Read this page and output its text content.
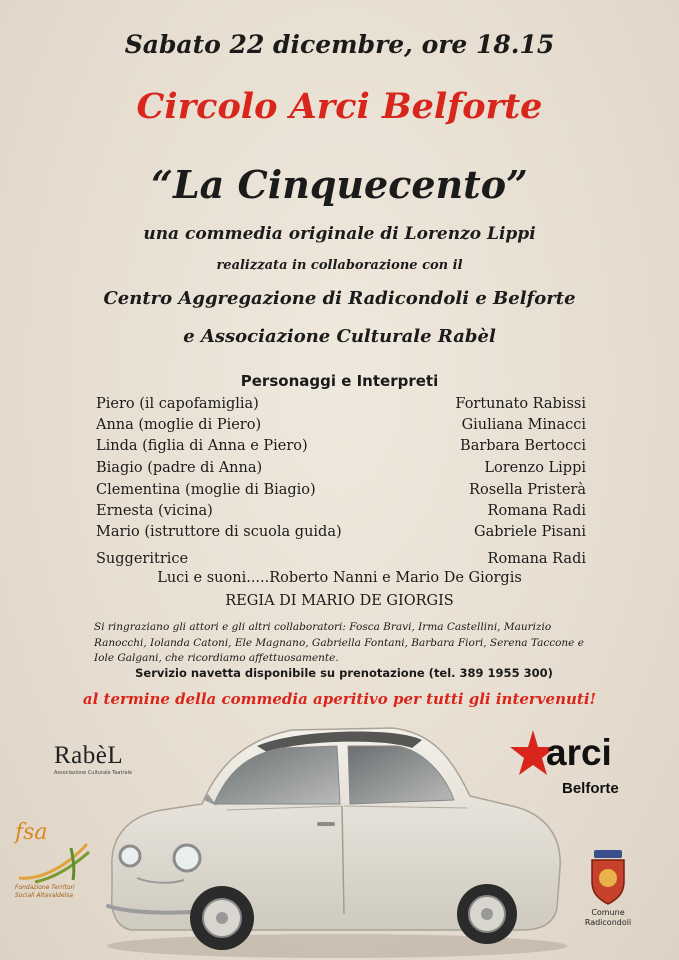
Sabato 22 dicembre, ore 18.15
Circolo Arci Belforte
“La Cinquecento”
una commedia originale di Lorenzo Lippi
realizzata in collaborazione con il
Centro Aggregazione di Radicondoli e Belforte
e Associazione Culturale Rabèl
Personaggi e Interpreti
Piero (il capofamiglia)	Fortunato Rabissi
Anna (moglie di Piero)	Giuliana Minacci
Linda (figlia di Anna e Piero)	Barbara Bertocci
Biagio (padre di Anna)	Lorenzo Lippi
Clementina (moglie di Biagio)	Rosella Pristerà
Ernesta (vicina)	Romana Radi
Mario (istruttore di scuola guida)	Gabriele Pisani
Suggeritrice	Romana Radi
Luci e suoni.....Roberto Nanni e Mario De Giorgis
REGIA DI MARIO DE GIORGIS
Si ringraziano gli attori e gli altri collaboratori: Fosca Bravi, Irma Castellini, Maurizio Ranocchi, Iolanda Catoni, Ele Magnano, Gabriella Fontani, Barbara Fiori, Serena Taccone e Iole Galgani, che ricordiamo affettuosamente.
Servizio navetta disponibile su prenotazione (tel. 389 1955 300)
al termine della commedia aperitivo per tutti gli intervenuti!
RabèL
Associazione Culturale Teatrale	arci
Belforte
fsa
Fondazione Territori Sociali Altavaldelsa
Comune Radicondoli
